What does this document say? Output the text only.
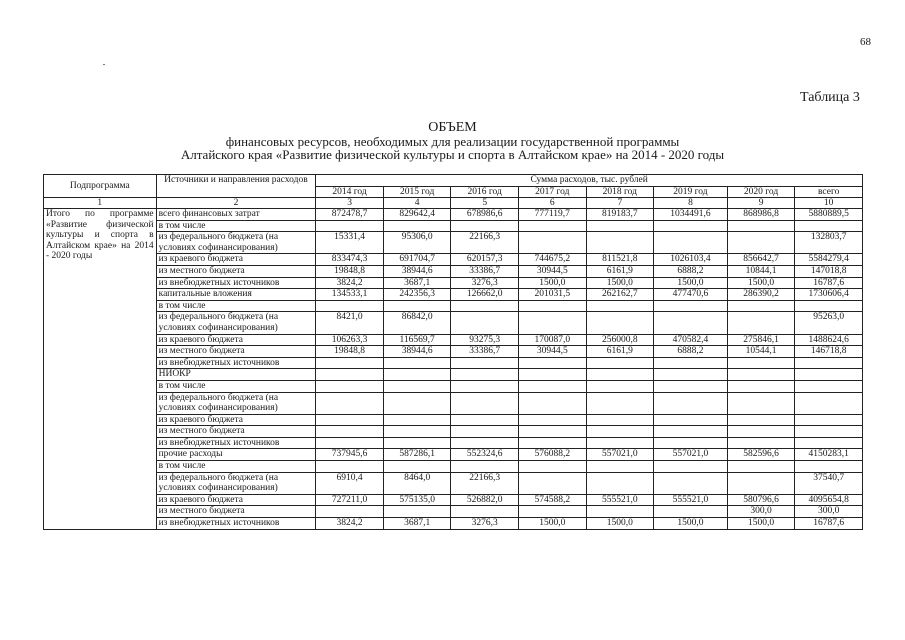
68
Таблица 3
ОБЪЕМ
финансовых ресурсов, необходимых для реализации государственной программы
Алтайского края «Развитие физической культуры и спорта в Алтайском крае» на 2014 - 2020 годы
Подпрограмма	Источники и направления расходов	Сумма расходов, тыс. рублей							
		2014 год	2015 год	2016 год	2017 год	2018 год	2019 год	2020 год	всего
1	2	3	4	5	6	7	8	9	10
Итого по программе «Развитие физической культуры и спорта в Алтайском крае» на 2014 - 2020 годы	всего финансовых затрат	872478,7	829642,4	678986,6	777119,7	819183,7	1034491,6	868986,8	5880889,5
	в том числе								
	из федерального бюджета (на условиях софинансирования)	15331,4	95306,0	22166,3					132803,7
	из краевого бюджета	833474,3	691704,7	620157,3	744675,2	811521,8	1026103,4	856642,7	5584279,4
	из местного бюджета	19848,8	38944,6	33386,7	30944,5	6161,9	6888,2	10844,1	147018,8
	из внебюджетных источников	3824,2	3687,1	3276,3	1500,0	1500,0	1500,0	1500,0	16787,6
	капитальные вложения	134533,1	242356,3	126662,0	201031,5	262162,7	477470,6	286390,2	1730606,4
	в том числе								
	из федерального бюджета (на условиях софинансирования)	8421,0	86842,0						95263,0
	из краевого бюджета	106263,3	116569,7	93275,3	170087,0	256000,8	470582,4	275846,1	1488624,6
	из местного бюджета	19848,8	38944,6	33386,7	30944,5	6161,9	6888,2	10544,1	146718,8
	из внебюджетных источников								
	НИОКР								
	в том числе								
	из федерального бюджета (на условиях софинансирования)								
	из краевого бюджета								
	из местного бюджета								
	из внебюджетных источников								
	прочие расходы	737945,6	587286,1	552324,6	576088,2	557021,0	557021,0	582596,6	4150283,1
	в том числе								
	из федерального бюджета (на условиях софинансирования)	6910,4	8464,0	22166,3					37540,7
	из краевого бюджета	727211,0	575135,0	526882,0	574588,2	555521,0	555521,0	580796,6	4095654,8
	из местного бюджета							300,0	300,0
	из внебюджетных источников	3824,2	3687,1	3276,3	1500,0	1500,0	1500,0	1500,0	16787,6
